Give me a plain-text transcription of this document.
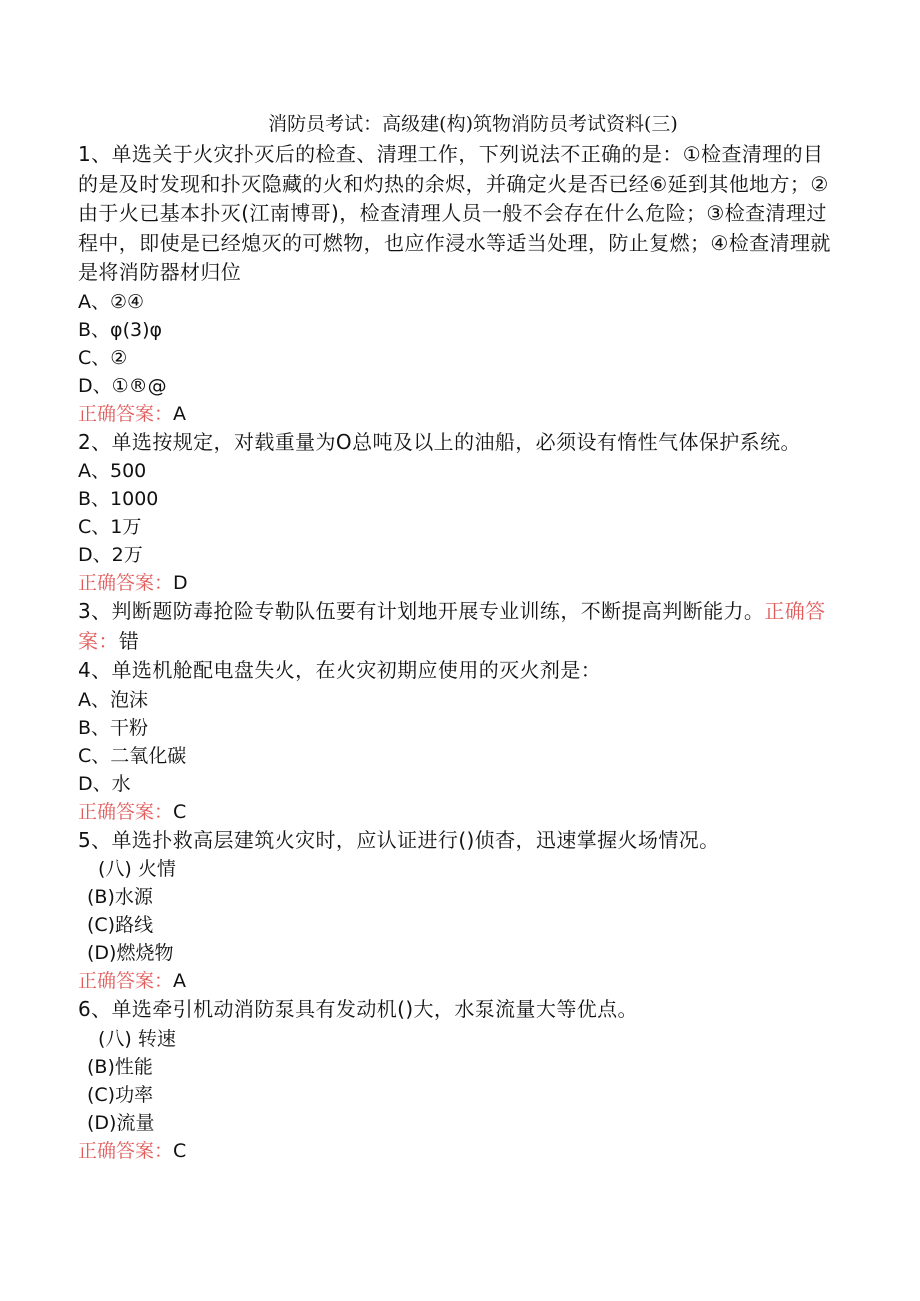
消防员考试：高级建(构)筑物消防员考试资料(三)
1、单选关于火灾扑灭后的检查、清理工作，下列说法不正确的是：①检查清理的目的是及时发现和扑灭隐藏的火和灼热的余烬，并确定火是否已经⑥延到其他地方；②由于火已基本扑灭(江南博哥)，检查清理人员一般不会存在什么危险；③检查清理过程中，即使是已经熄灭的可燃物，也应作浸水等适当处理，防止复燃；④检查清理就是将消防器材归位
A、②④
B、φ(3)φ
C、②
D、①®@
正确答案：A
2、单选按规定，对载重量为O总吨及以上的油船，必须设有惰性气体保护系统。
A、500
B、1000
C、1万
D、2万
正确答案：D
3、判断题防毒抢险专勒队伍要有计划地开展专业训练，不断提高判断能力。正确答案：错
4、单选机舱配电盘失火，在火灾初期应使用的灭火剂是：
A、泡沫
B、干粉
C、二氧化碳
D、水
正确答案：C
5、单选扑救高层建筑火灾时，应认证进行()侦杳，迅速掌握火场情况。
(八) 火情
(B)水源
(C)路线
(D)燃烧物
正确答案：A
6、单选牵引机动消防泵具有发动机()大，水泵流量大等优点。
(八) 转速
(B)性能
(C)功率
(D)流量
正确答案：C
